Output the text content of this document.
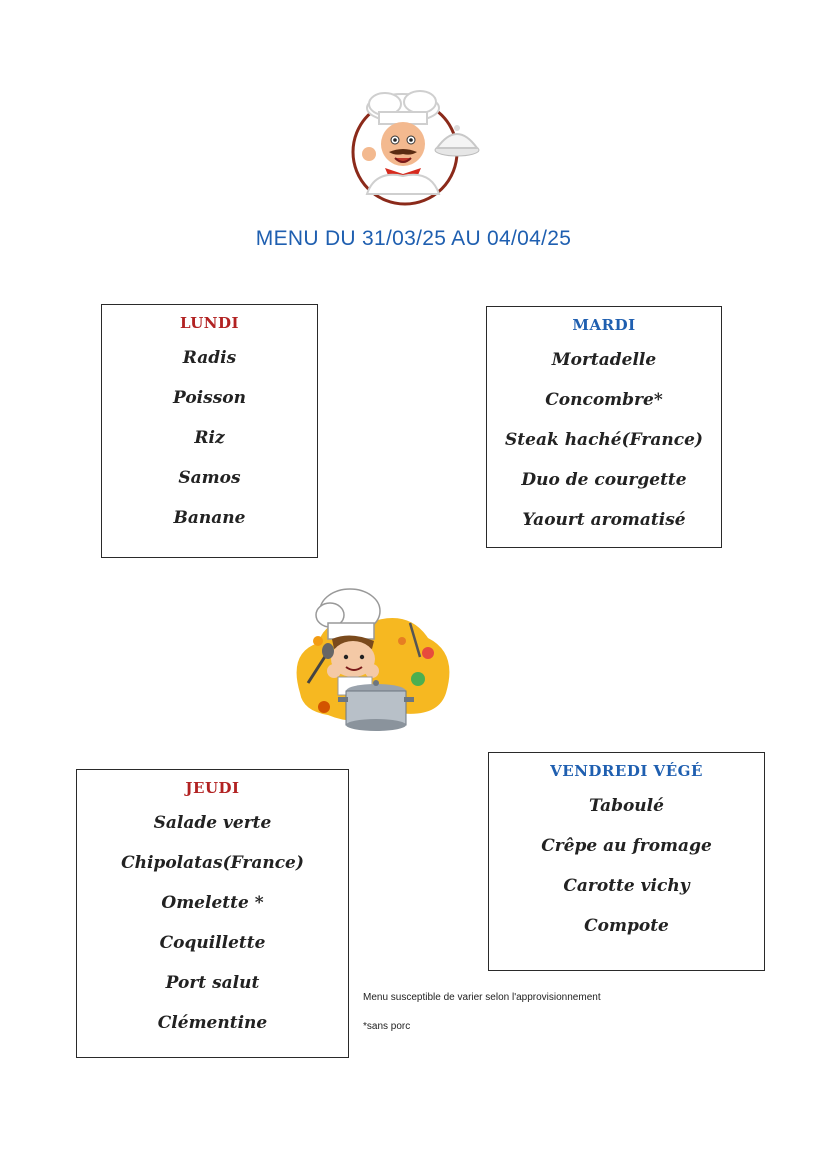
MENU DU 31/03/25 AU 04/04/25
LUNDI
Radis
Poisson
Riz
Samos
Banane
MARDI
Mortadelle
Concombre*
Steak haché(France)
Duo de courgette
Yaourt aromatisé
JEUDI
Salade verte
Chipolatas(France)
Omelette *
Coquillette
Port salut
Clémentine
VENDREDI VÉGÉ
Taboulé
Crêpe au fromage
Carotte vichy
Compote
Menu susceptible de varier selon l'approvisionnement
*sans porc
